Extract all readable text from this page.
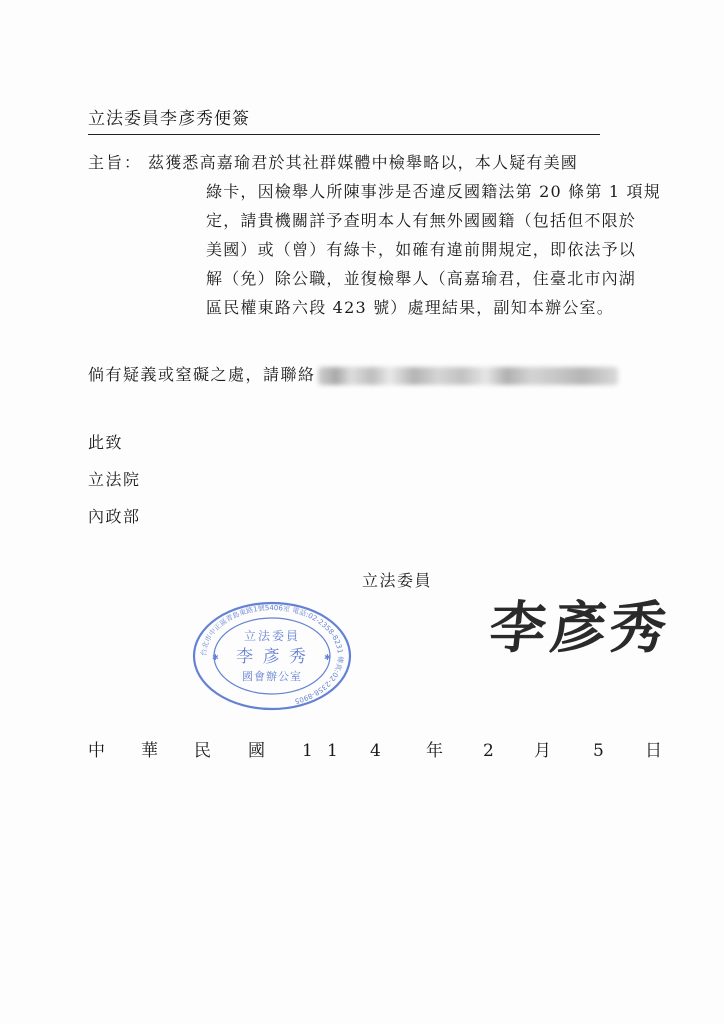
立法委員李彥秀便簽
主旨： 茲獲悉高嘉瑜君於其社群媒體中檢舉略以，本人疑有美國
綠卡，因檢舉人所陳事涉是否違反國籍法第 20 條第 1 項規
定，請貴機關詳予查明本人有無外國國籍（包括但不限於
美國）或（曾）有綠卡，如確有違前開規定，即依法予以
解（免）除公職，並復檢舉人（高嘉瑜君，住臺北市內湖
區民權東路六段 423 號）處理結果，副知本辦公室。
倘有疑義或窒礙之處，請聯絡
此致
立法院
內政部
立法委員
台北市中正區青島東路1號5406室 電話:02-2358-8231 傳真:02-2358-8905
立法委員
李 彥 秀
國會辦公室
✱	✱	李彥秀
中 華 民 國 1 1 4	年 2 月 5 日
